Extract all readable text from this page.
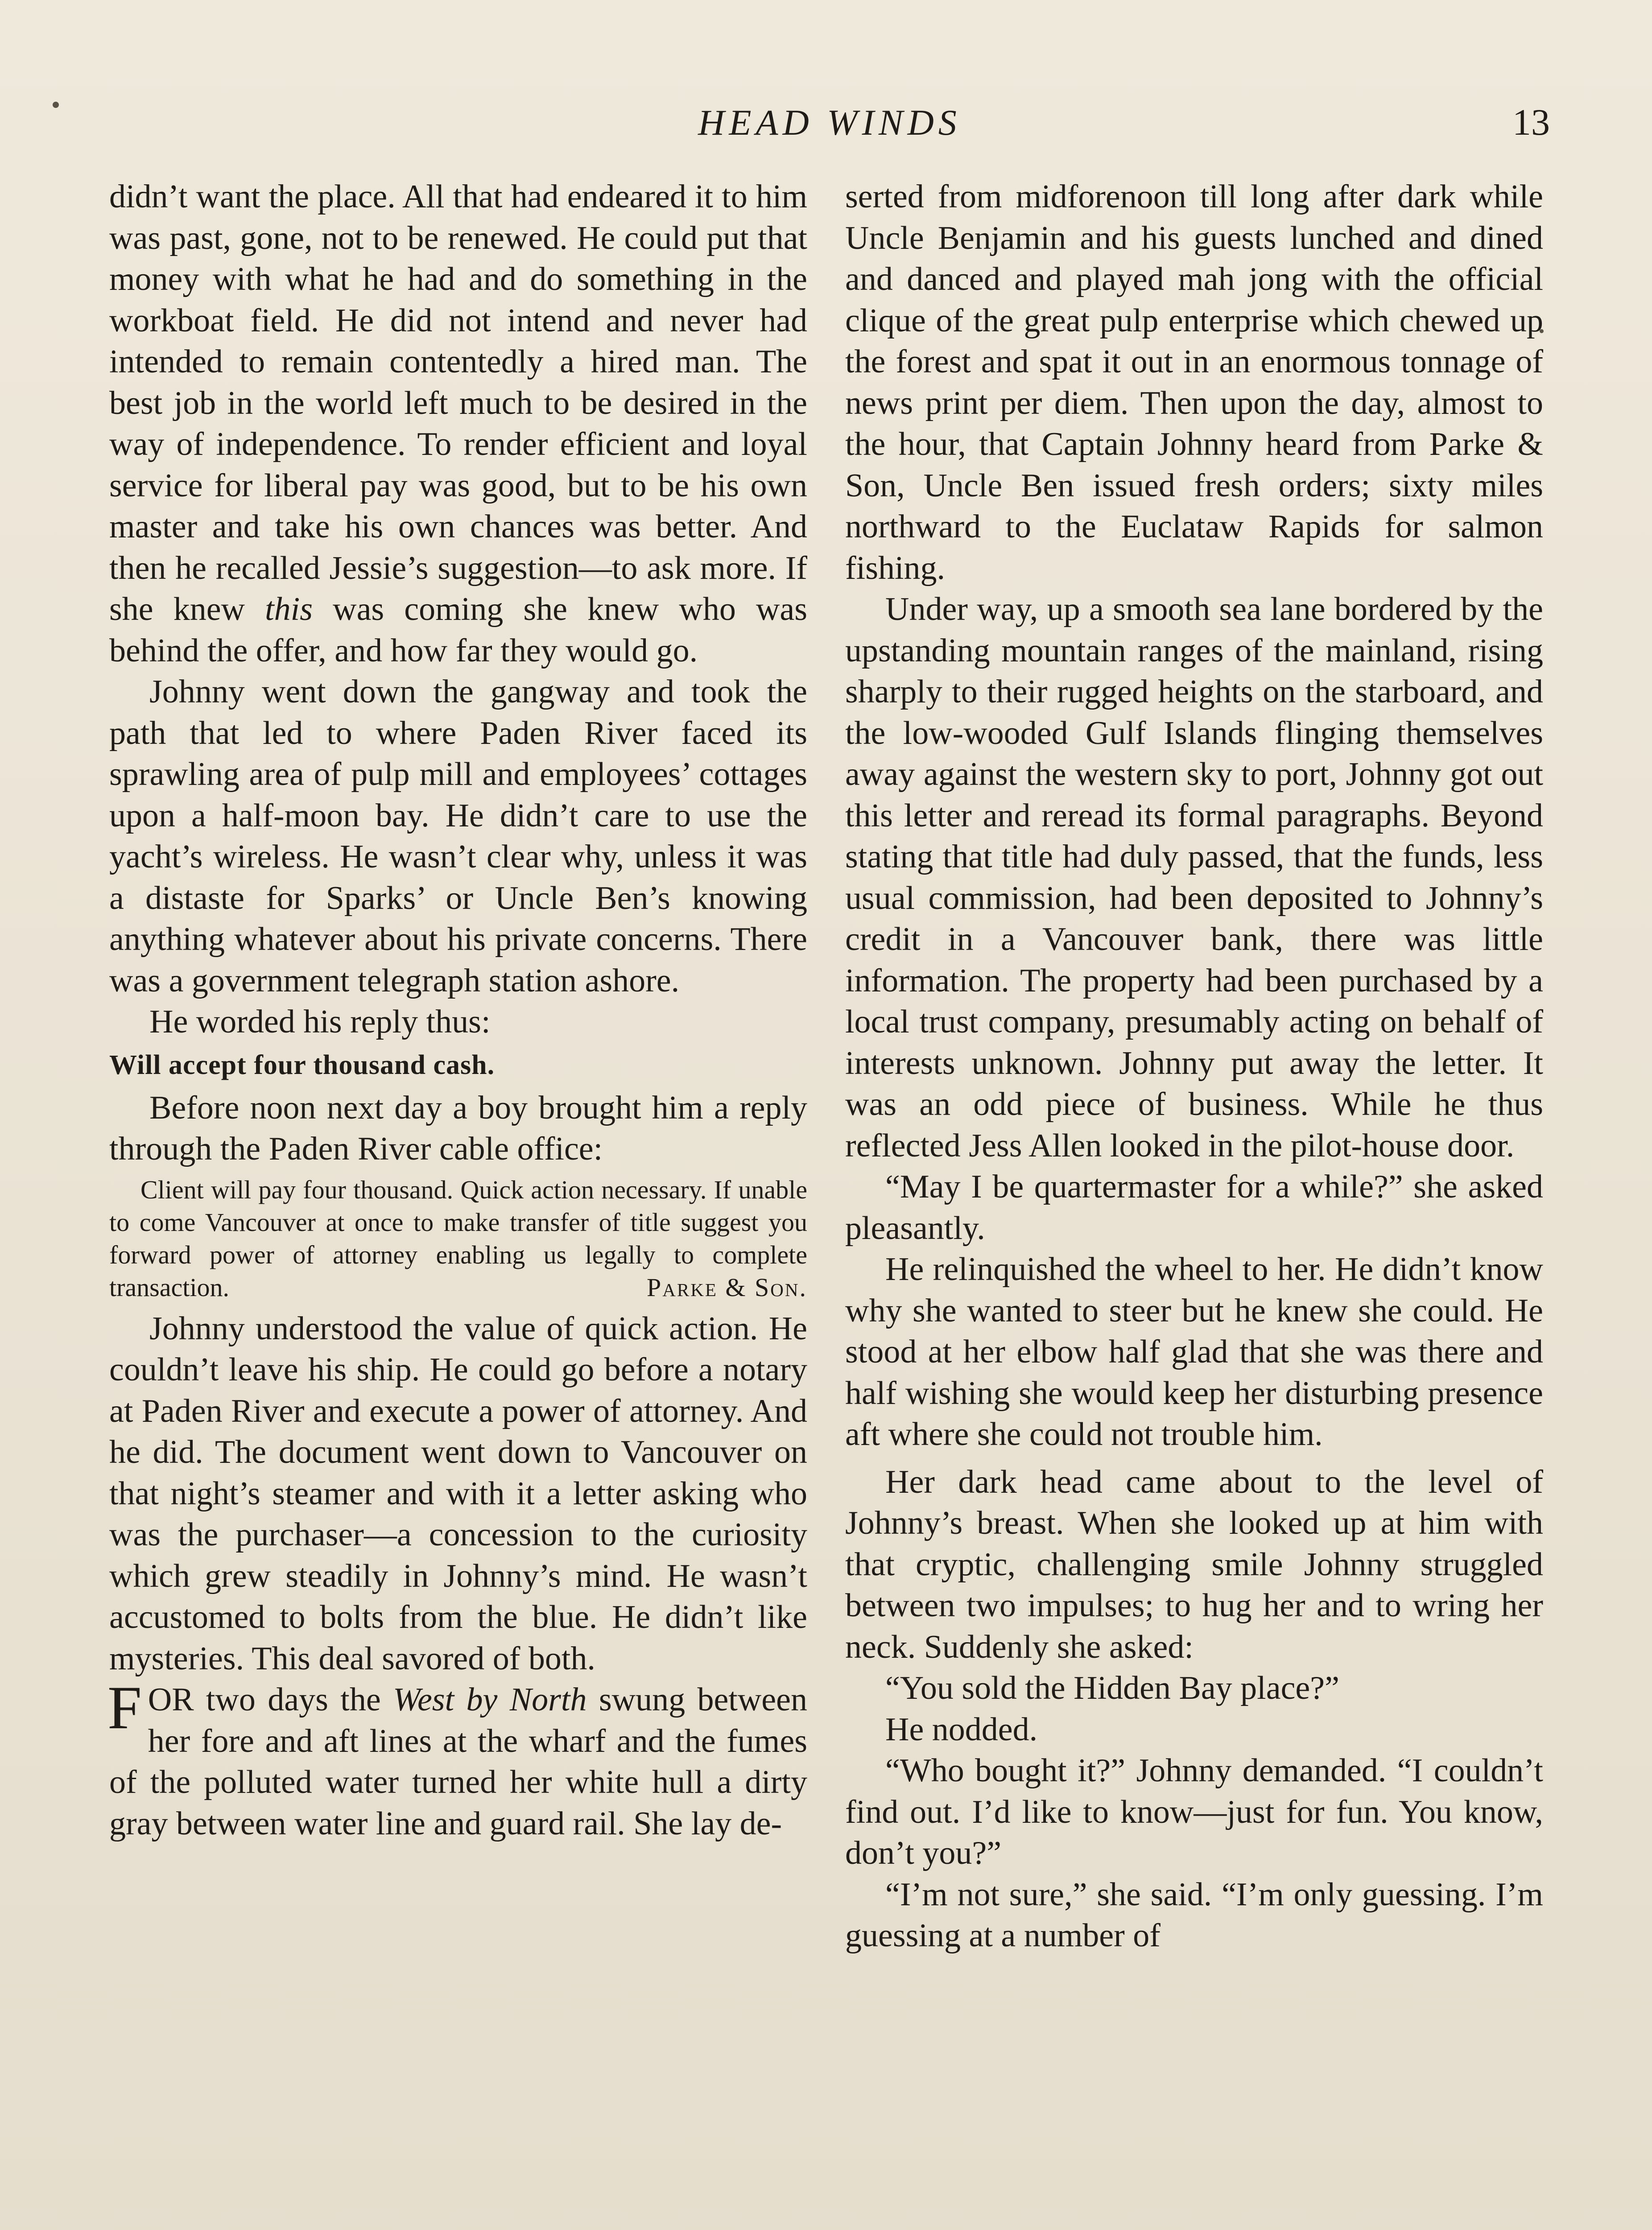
HEAD WINDS	13

didn’t want the place. All that had endeared it to him was past, gone, not to be renewed. He could put that money with what he had and do something in the workboat field. He did not intend and never had intended to remain contentedly a hired man. The best job in the world left much to be desired in the way of independence. To render efficient and loyal service for liberal pay was good, but to be his own master and take his own chances was better. And then he recalled Jessie’s suggestion—to ask more. If she knew this was coming she knew who was behind the offer, and how far they would go.

Johnny went down the gangway and took the path that led to where Paden River faced its sprawling area of pulp mill and employees’ cottages upon a half-moon bay. He didn’t care to use the yacht’s wireless. He wasn’t clear why, unless it was a distaste for Sparks’ or Uncle Ben’s knowing anything whatever about his private concerns. There was a government telegraph station ashore.

He worded his reply thus:

Will accept four thousand cash.

Before noon next day a boy brought him a reply through the Paden River cable office:

Client will pay four thousand. Quick action necessary. If unable to come Vancouver at once to make transfer of title suggest you forward power of attorney enabling us legally to complete transaction.	Parke & Son.

Johnny understood the value of quick action. He couldn’t leave his ship. He could go before a notary at Paden River and execute a power of attorney. And he did. The document went down to Vancouver on that night’s steamer and with it a letter asking who was the purchaser—a concession to the curiosity which grew steadily in Johnny’s mind. He wasn’t accustomed to bolts from the blue. He didn’t like mysteries. This deal savored of both.

FOR two days the West by North swung between her fore and aft lines at the wharf and the fumes of the polluted water turned her white hull a dirty gray between water line and guard rail. She lay de-

serted from midforenoon till long after dark while Uncle Benjamin and his guests lunched and dined and danced and played mah jong with the official clique of the great pulp enterprise which chewed up the forest and spat it out in an enormous tonnage of news print per diem. Then upon the day, almost to the hour, that Captain Johnny heard from Parke & Son, Uncle Ben issued fresh orders; sixty miles northward to the Euclataw Rapids for salmon fishing.

Under way, up a smooth sea lane bordered by the upstanding mountain ranges of the mainland, rising sharply to their rugged heights on the starboard, and the low-wooded Gulf Islands flinging themselves away against the western sky to port, Johnny got out this letter and reread its formal paragraphs. Beyond stating that title had duly passed, that the funds, less usual commission, had been deposited to Johnny’s credit in a Vancouver bank, there was little information. The property had been purchased by a local trust company, presumably acting on behalf of interests unknown. Johnny put away the letter. It was an odd piece of business. While he thus reflected Jess Allen looked in the pilot-house door.

“May I be quartermaster for a while?” she asked pleasantly.

He relinquished the wheel to her. He didn’t know why she wanted to steer but he knew she could. He stood at her elbow half glad that she was there and half wishing she would keep her disturbing presence aft where she could not trouble him.

Her dark head came about to the level of Johnny’s breast. When she looked up at him with that cryptic, challenging smile Johnny struggled between two impulses; to hug her and to wring her neck. Suddenly she asked:

“You sold the Hidden Bay place?”

He nodded.

“Who bought it?” Johnny demanded. “I couldn’t find out. I’d like to know—just for fun. You know, don’t you?”

“I’m not sure,” she said. “I’m only guessing. I’m guessing at a number of
